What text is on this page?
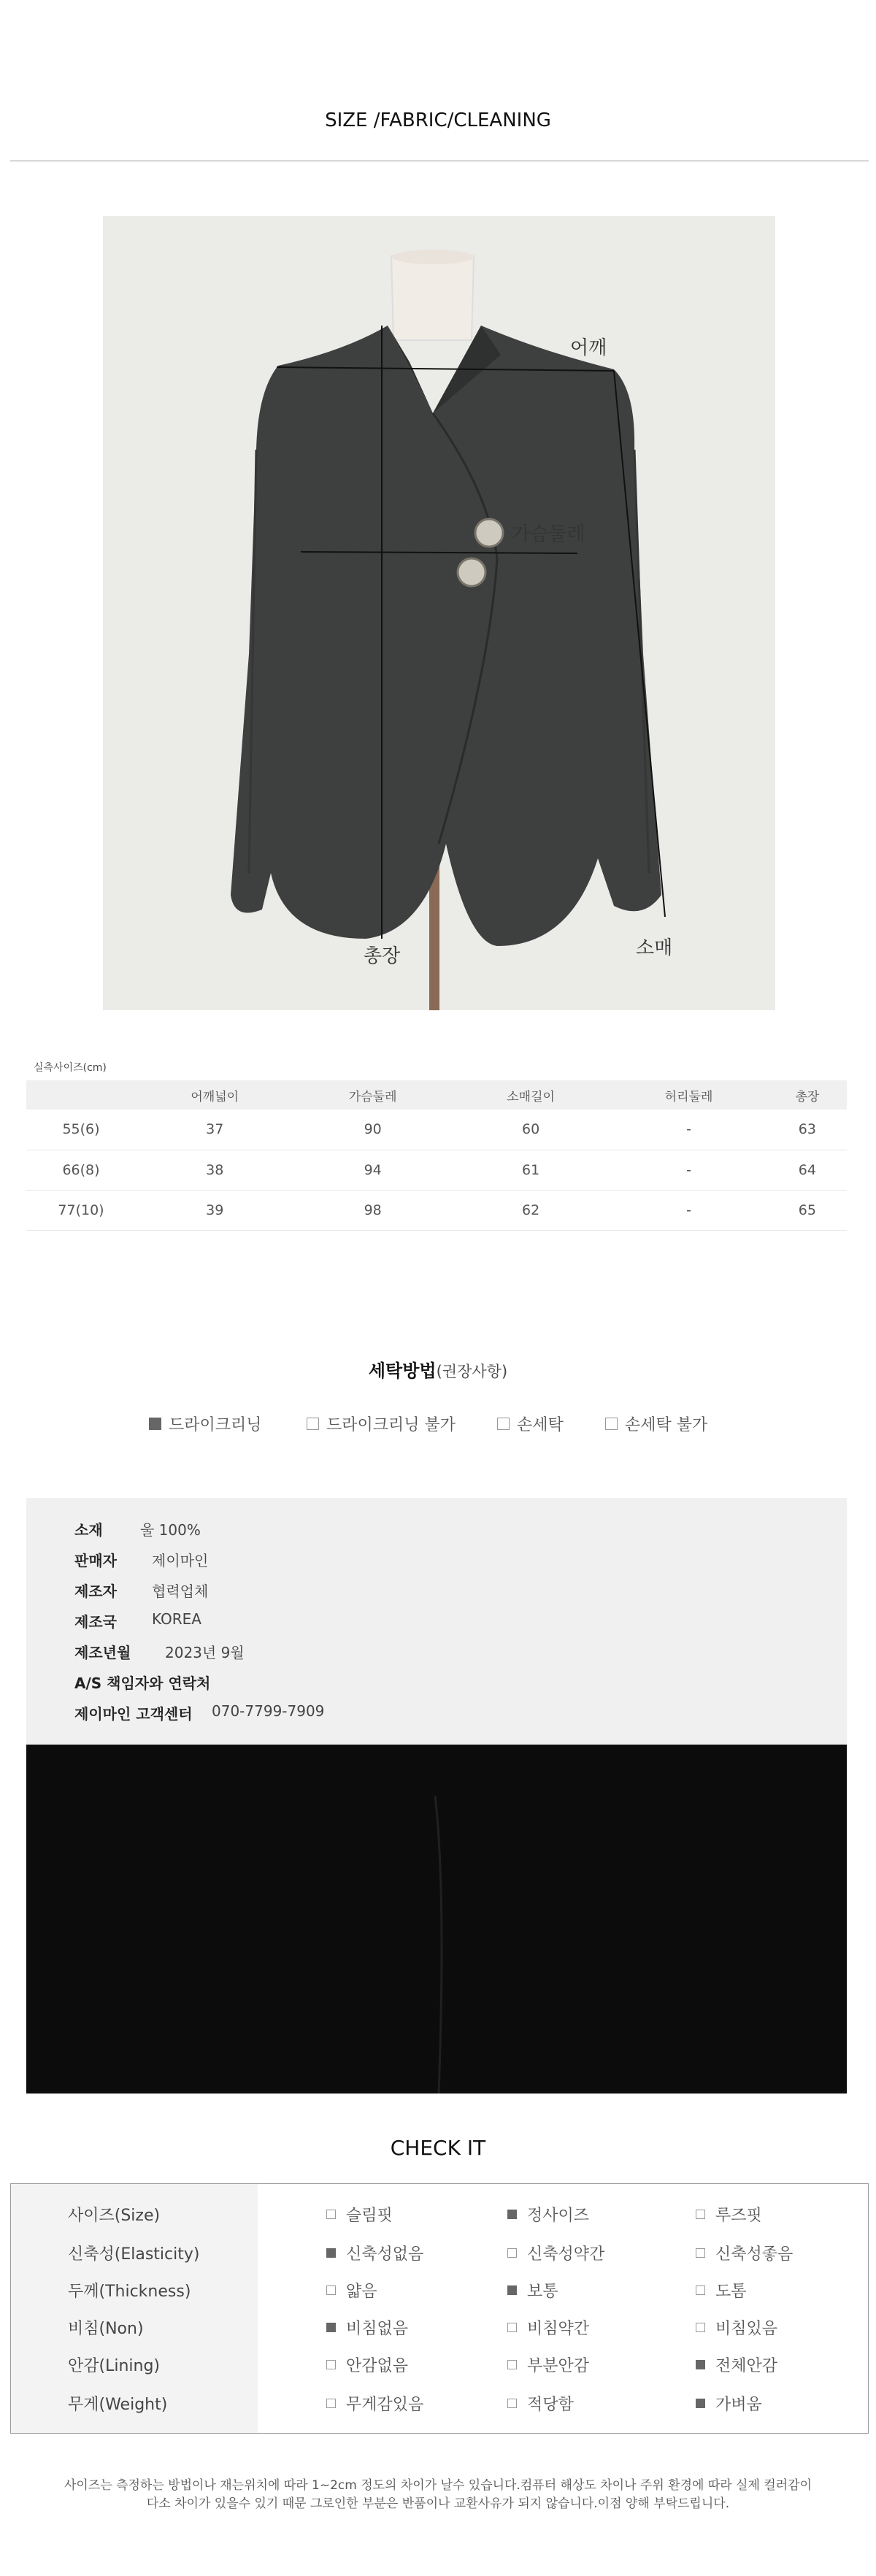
SIZE /FABRIC/CLEANING
어깨
가슴둘레
총장	소매
실측사이즈(cm)
	어깨넓이	가슴둘레	소매길이	허리둘레	총장
55(6)	37	90	60	-	63
66(8)	38	94	61	-	64
77(10)	39	98	62	-	65
세탁방법(권장사항)
드라이크리닝	드라이크리닝 불가	손세탁	손세탁 불가
소재	울 100%
판매자	제이마인
제조자	협력업체
제조국	KOREA
제조년월	2023년 9월
A/S 책임자와 연락처
제이마인 고객센터	070-7799-7909
CHECK IT
사이즈(Size)	슬림핏	정사이즈	루즈핏
신축성(Elasticity)	신축성없음	신축성약간	신축성좋음
두께(Thickness)	얇음	보통	도톰
비침(Non)	비침없음	비침약간	비침있음
안감(Lining)	안감없음	부분안감	전체안감
무게(Weight)	무게감있음	적당함	가벼움
사이즈는 측정하는 방법이나 재는위치에 따라 1~2cm 정도의 차이가 날수 있습니다.컴퓨터 해상도 차이나 주위 환경에 따라 실제 컬러감이
다소 차이가 있을수 있기 때문 그로인한 부분은 반품이나 교환사유가 되지 않습니다.이점 양해 부탁드립니다.
